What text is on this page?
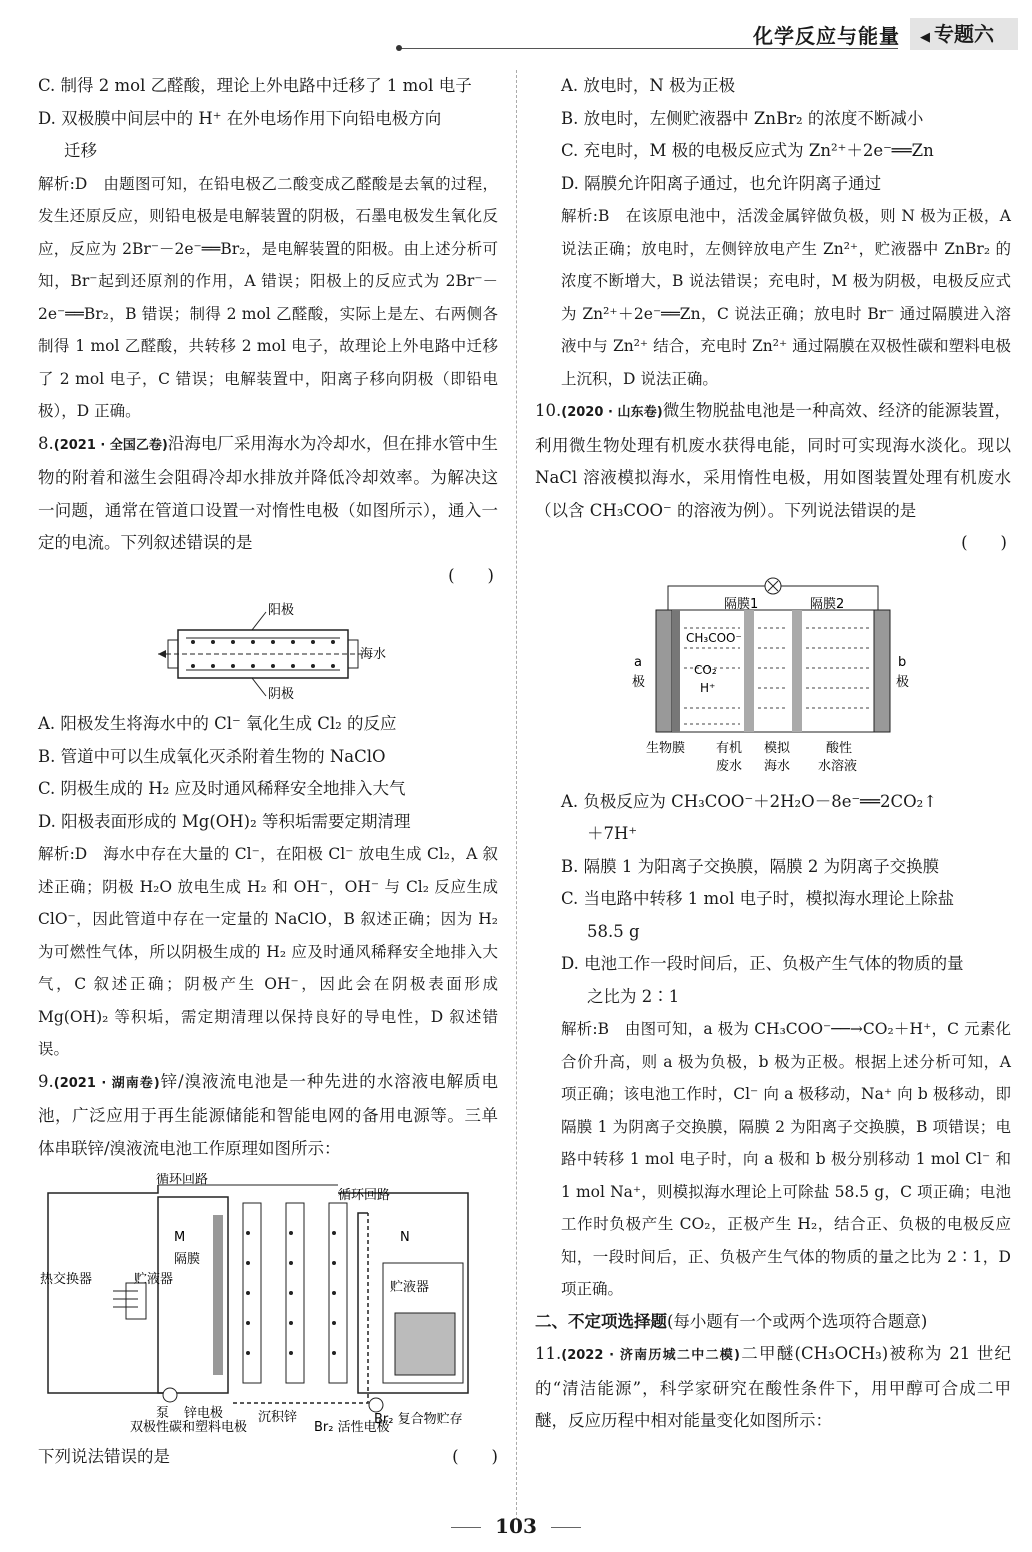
化学反应与能量	◀ 专题六

C. 制得 2 mol 乙醛酸，理论上外电路中迁移了 1 mol 电子

D. 双极膜中间层中的 H⁺ 在外电场作用下向铅电极方向

迁移

解析:D　由题图可知，在铅电极乙二酸变成乙醛酸是去氧的过程，发生还原反应，则铅电极是电解装置的阴极，石墨电极发生氧化反应，反应为 2Br⁻－2e⁻══Br₂，是电解装置的阳极。由上述分析可知，Br⁻起到还原剂的作用，A 错误；阳极上的反应式为 2Br⁻－2e⁻══Br₂，B 错误；制得 2 mol 乙醛酸，实际上是左、右两侧各制得 1 mol 乙醛酸，共转移 2 mol 电子，故理论上外电路中迁移了 2 mol 电子，C 错误；电解装置中，阳离子移向阴极（即铅电极），D 正确。

8.(2021 · 全国乙卷)沿海电厂采用海水为冷却水，但在排水管中生物的附着和滋生会阻碍冷却水排放并降低冷却效率。为解决这一问题，通常在管道口设置一对惰性电极（如图所示），通入一定的电流。下列叙述错误的是

(　　)

阳极
阴极
海水

A. 阳极发生将海水中的 Cl⁻ 氧化生成 Cl₂ 的反应

B. 管道中可以生成氧化灭杀附着生物的 NaClO

C. 阴极生成的 H₂ 应及时通风稀释安全地排入大气

D. 阳极表面形成的 Mg(OH)₂ 等积垢需要定期清理

解析:D　海水中存在大量的 Cl⁻，在阳极 Cl⁻ 放电生成 Cl₂，A 叙述正确；阴极 H₂O 放电生成 H₂ 和 OH⁻，OH⁻ 与 Cl₂ 反应生成 ClO⁻，因此管道中存在一定量的 NaClO，B 叙述正确；因为 H₂ 为可燃性气体，所以阴极生成的 H₂ 应及时通风稀释安全地排入大气，C 叙述正确；阴极产生 OH⁻，因此会在阴极表面形成 Mg(OH)₂ 等积垢，需定期清理以保持良好的导电性，D 叙述错误。

9.(2021 · 湖南卷)锌/溴液流电池是一种先进的水溶液电解质电池，广泛应用于再生能源储能和智能电网的备用电源等。三单体串联锌/溴液流电池工作原理如图所示：

循环回路
循环回路
M	N
隔膜
热交换器	贮液器
贮液器
泵 锌电极	沉积锌	Br₂ 复合物贮存
双极性碳和塑料电极	Br₂ 活性电极

下列说法错误的是	(　　)

A. 放电时，N 极为正极

B. 放电时，左侧贮液器中 ZnBr₂ 的浓度不断减小

C. 充电时，M 极的电极反应式为 Zn²⁺＋2e⁻══Zn

D. 隔膜允许阳离子通过，也允许阴离子通过

解析:B　在该原电池中，活泼金属锌做负极，则 N 极为正极，A 说法正确；放电时，左侧锌放电产生 Zn²⁺，贮液器中 ZnBr₂ 的浓度不断增大，B 说法错误；充电时，M 极为阴极，电极反应式为 Zn²⁺＋2e⁻══Zn，C 说法正确；放电时 Br⁻ 通过隔膜进入溶液中与 Zn²⁺ 结合，充电时 Zn²⁺ 通过隔膜在双极性碳和塑料电极上沉积，D 说法正确。

10.(2020 · 山东卷)微生物脱盐电池是一种高效、经济的能源装置，利用微生物处理有机废水获得电能，同时可实现海水淡化。现以 NaCl 溶液模拟海水，采用惰性电极，用如图装置处理有机废水（以含 CH₃COO⁻ 的溶液为例）。下列说法错误的是

(　　)

隔膜1	隔膜2
a
极
b
极
CH₃COO⁻
CO₂
H⁺
生物膜 有机
废水
模拟
海水
酸性
水溶液

A. 负极反应为 CH₃COO⁻＋2H₂O－8e⁻══2CO₂↑

＋7H⁺

B. 隔膜 1 为阳离子交换膜，隔膜 2 为阴离子交换膜

C. 当电路中转移 1 mol 电子时，模拟海水理论上除盐

58.5 g

D. 电池工作一段时间后，正、负极产生气体的物质的量

之比为 2∶1

解析:B　由图可知，a 极为 CH₃COO⁻──→CO₂＋H⁺，C 元素化合价升高，则 a 极为负极，b 极为正极。根据上述分析可知，A 项正确；该电池工作时，Cl⁻ 向 a 极移动，Na⁺ 向 b 极移动，即隔膜 1 为阴离子交换膜，隔膜 2 为阳离子交换膜，B 项错误；电路中转移 1 mol 电子时，向 a 极和 b 极分别移动 1 mol Cl⁻ 和 1 mol Na⁺，则模拟海水理论上可除盐 58.5 g，C 项正确；电池工作时负极产生 CO₂，正极产生 H₂，结合正、负极的电极反应知，一段时间后，正、负极产生气体的物质的量之比为 2∶1，D 项正确。

二、不定项选择题(每小题有一个或两个选项符合题意)

11.(2022 · 济南历城二中二模)二甲醚(CH₃OCH₃)被称为 21 世纪的“清洁能源”，科学家研究在酸性条件下，用甲醇可合成二甲醚，反应历程中相对能量变化如图所示：

103
